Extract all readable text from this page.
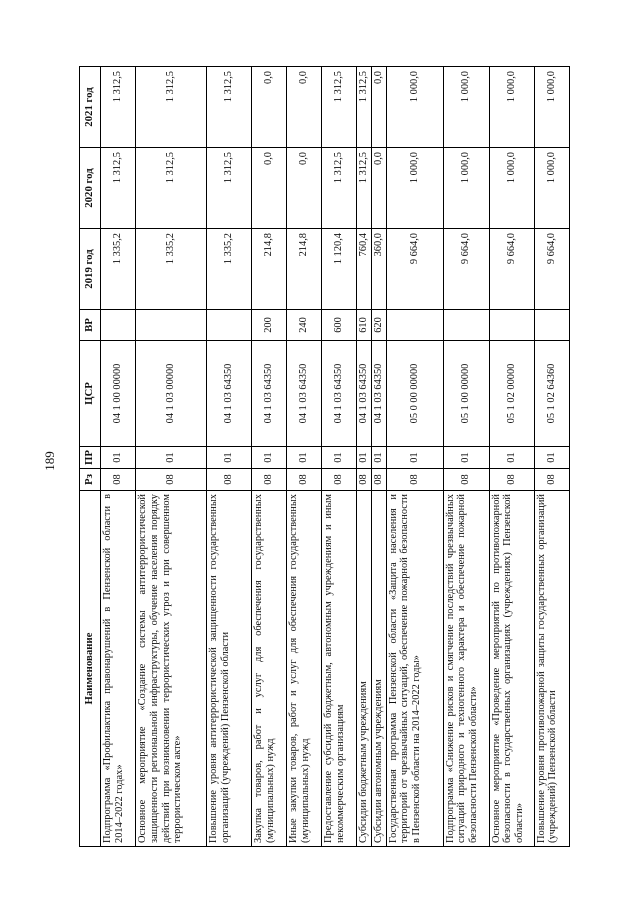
189
Наименование	Рз	ПР	ЦСР	ВР	2019 год	2020 год	2021 год
Подпрограмма «Профилактика правонарушений в Пензенской области в 2014–2022 годах»	08	01	04 1 00 00000		1 335,2	1 312,5	1 312,5
Основное мероприятие «Создание системы антитеррористической защищенности региональной инфраструктуры, обучение населения порядку действий при возникновении террористических угроз и при совершенном террористическом акте»	08	01	04 1 03 00000		1 335,2	1 312,5	1 312,5
Повышение уровня антитеррористической защищенности государственных организаций (учреждений) Пензенской области	08	01	04 1 03 64350		1 335,2	1 312,5	1 312,5
Закупка товаров, работ и услуг для обеспечения государственных (муниципальных) нужд	08	01	04 1 03 64350	200	214,8	0,0	0,0
Иные закупки товаров, работ и услуг для обеспечения государственных (муниципальных) нужд	08	01	04 1 03 64350	240	214,8	0,0	0,0
Предоставление субсидий бюджетным, автономным учреждениям и иным некоммерческим организациям	08	01	04 1 03 64350	600	1 120,4	1 312,5	1 312,5
Субсидии бюджетным учреждениям	08	01	04 1 03 64350	610	760,4	1 312,5	1 312,5
Субсидии автономным учреждениям	08	01	04 1 03 64350	620	360,0	0,0	0,0
Государственная программа Пензенской области «Защита населения и территорий от чрезвычайных ситуаций, обеспечение пожарной безопасности в Пензенской области на 2014–2022 годы»	08	01	05 0 00 00000		9 664,0	1 000,0	1 000,0
Подпрограмма «Снижение рисков и смягчение последствий чрезвычайных ситуаций природного и техногенного характера и обеспечение пожарной безопасности Пензенской области»	08	01	05 1 00 00000		9 664,0	1 000,0	1 000,0
Основное мероприятие «Проведение мероприятий по противопожарной безопасности в государственных организациях (учреждениях) Пензенской области»	08	01	05 1 02 00000		9 664,0	1 000,0	1 000,0
Повышение уровня противопожарной защиты государственных организаций (учреждений) Пензенской области	08	01	05 1 02 64360		9 664,0	1 000,0	1 000,0
